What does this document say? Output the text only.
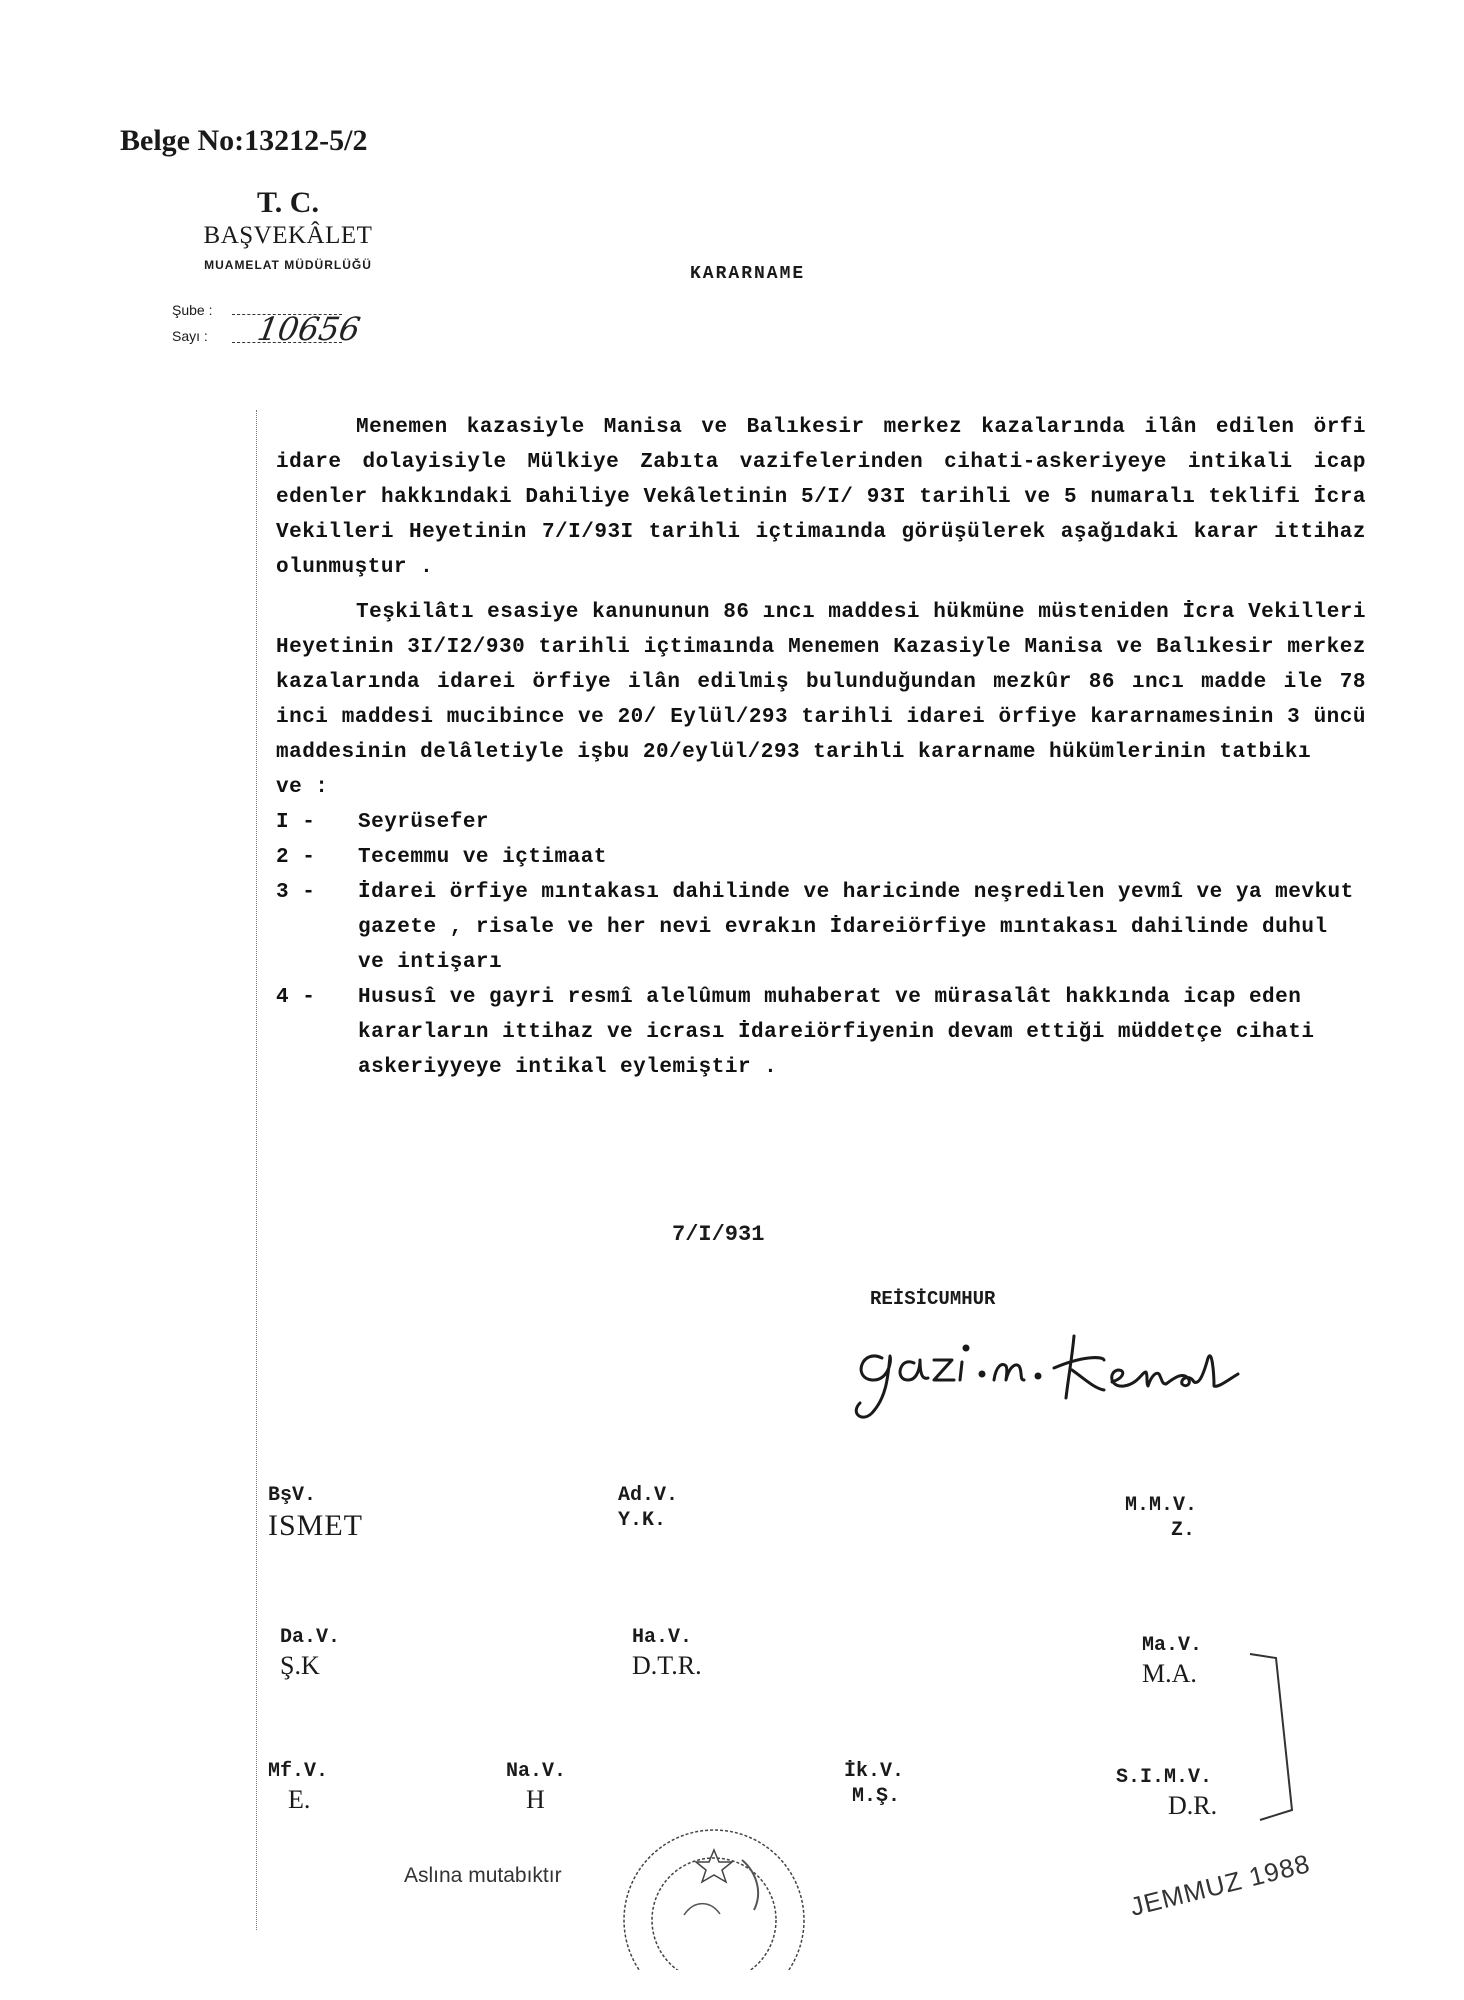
Belge No:13212-5/2
T. C.
BAŞVEKÂLET
MUAMELAT MÜDÜRLÜĞÜ
Şube :
Sayı : 10656
KARARNAME

Menemen kazasiyle Manisa ve Balıkesir merkez kazalarında ilân edilen örfi idare dolayisiyle Mülkiye Zabıta vazifelerinden cihati-askeriyeye intikali icap edenler hakkındaki Dahiliye Vekâletinin 5/I/ 93I tarihli ve 5 numaralı teklifi İcra Vekilleri Heyetinin 7/I/93I tarihli içtimaında görüşülerek aşağıdaki karar ittihaz olunmuştur .

Teşkilâtı esasiye kanununun 86 ıncı maddesi hükmüne müsteniden İcra Vekilleri Heyetinin 3I/I2/930 tarihli içtimaında Menemen Kazasiyle Manisa ve Balıkesir merkez kazalarında idarei örfiye ilân edilmiş bulunduğundan mezkûr 86 ıncı madde ile 78 inci maddesi mucibince ve 20/ Eylül/293 tarihli idarei örfiye kararnamesinin 3 üncü maddesinin delâletiyle işbu 20/eylül/293 tarihli kararname hükümlerinin tatbikı

ve :
I - Seyrüsefer
2 - Tecemmu ve içtimaat
3 - İdarei örfiye mıntakası dahilinde ve haricinde neşredilen yevmî ve ya mevkut gazete , risale ve her nevi evrakın İdareiörfiye mıntakası dahilinde duhul ve intişarı
4 - Hususî ve gayri resmî alelûmum muhaberat ve mürasalât hakkında icap eden kararların ittihaz ve icrası İdareiörfiyenin devam ettiği müddetçe cihati askeriyyeye intikal eylemiştir .
7/I/931
REİSİCUMHUR
BşV.
ISMET
Ad.V.
Y.K.
M.M.V.
Z.
Da.V.
Ş.K
Ha.V.
D.T.R.
Ma.V.
M.A.
Mf.V.
E.
Na.V.
H
İk.V.
M.Ş.
S.I.M.V.
D.R.
Aslına mutabıktır	JEMMUZ 1988
